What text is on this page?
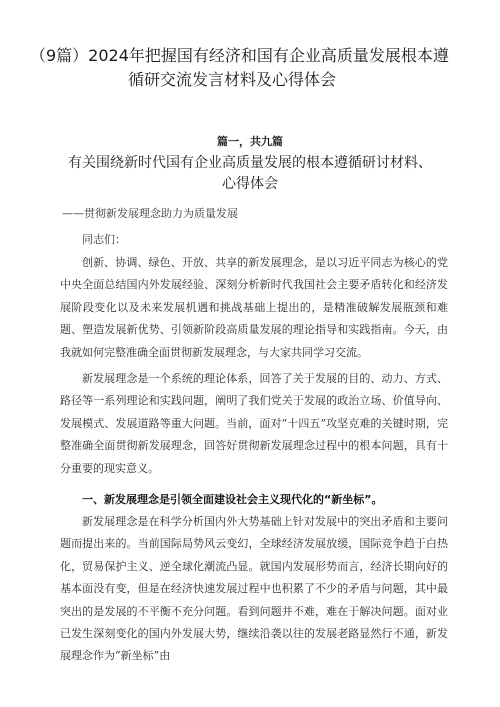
（9篇）2024年把握国有经济和国有企业高质量发展根本遵
循研交流发言材料及心得体会
篇一，共九篇
有关围绕新时代国有企业高质量发展的根本遵循研讨材料、
心得体会
——贯彻新发展理念助力为质量发展
同志们：

创新、协调、绿色、开放、共享的新发展理念，是以习近平同志为核心的党中央全面总结国内外发展经验、深刻分析新时代我国社会主要矛盾转化和经济发展阶段变化以及未来发展机遇和挑战基础上提出的，是精准破解发展瓶颈和难题、塑造发展新优势、引领新阶段高质量发展的理论指导和实践指南。今天，由我就如何完整准确全面贯彻新发展理念，与大家共同学习交流。

新发展理念是一个系统的理论体系，回答了关于发展的目的、动力、方式、路径等一系列理论和实践问题，阐明了我们党关于发展的政治立场、价值导向、发展模式、发展道路等重大问题。当前，面对“十四五”攻坚克难的关键时期，完整准确全面贯彻新发展理念，回答好贯彻新发展理念过程中的根本问题，具有十分重要的现实意义。

一、新发展理念是引领全面建设社会主义现代化的“新坐标”。

新发展理念是在科学分析国内外大势基础上针对发展中的突出矛盾和主要问题而提出来的。当前国际局势风云变幻，全球经济发展放缓，国际竞争趋于白热化，贸易保护主义、逆全球化潮流凸显。就国内发展形势而言，经济长期向好的基本面没有变，但是在经济快速发展过程中也积累了不少的矛盾与问题，其中最突出的是发展的不平衡不充分问题。看到问题并不难，难在于解决问题。面对业已发生深刻变化的国内外发展大势，继续沿袭以往的发展老路显然行不通，新发展理念作为“新坐标”由
